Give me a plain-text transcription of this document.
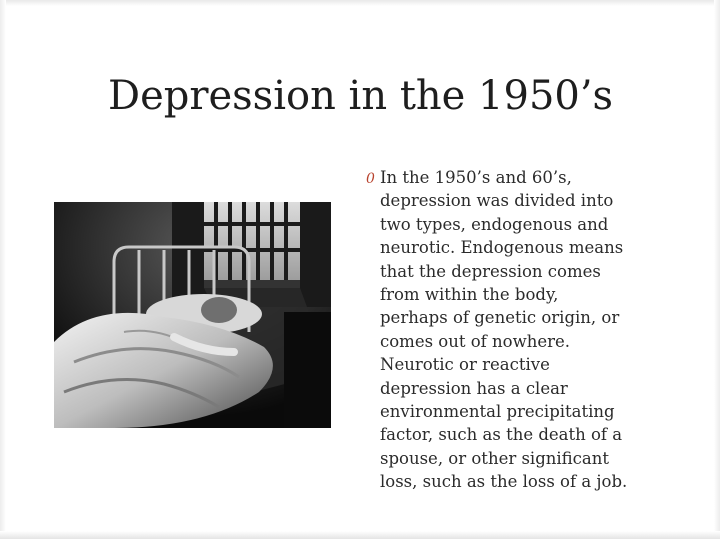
Depression in the 1950’s
0 In the 1950’s and 60’s,
depression was divided into
two types, endogenous and
neurotic. Endogenous means
that the depression comes
from within the body,
perhaps of genetic origin, or
comes out of nowhere.
Neurotic or reactive
depression has a clear
environmental precipitating
factor, such as the death of a
spouse, or other significant
loss, such as the loss of a job.
